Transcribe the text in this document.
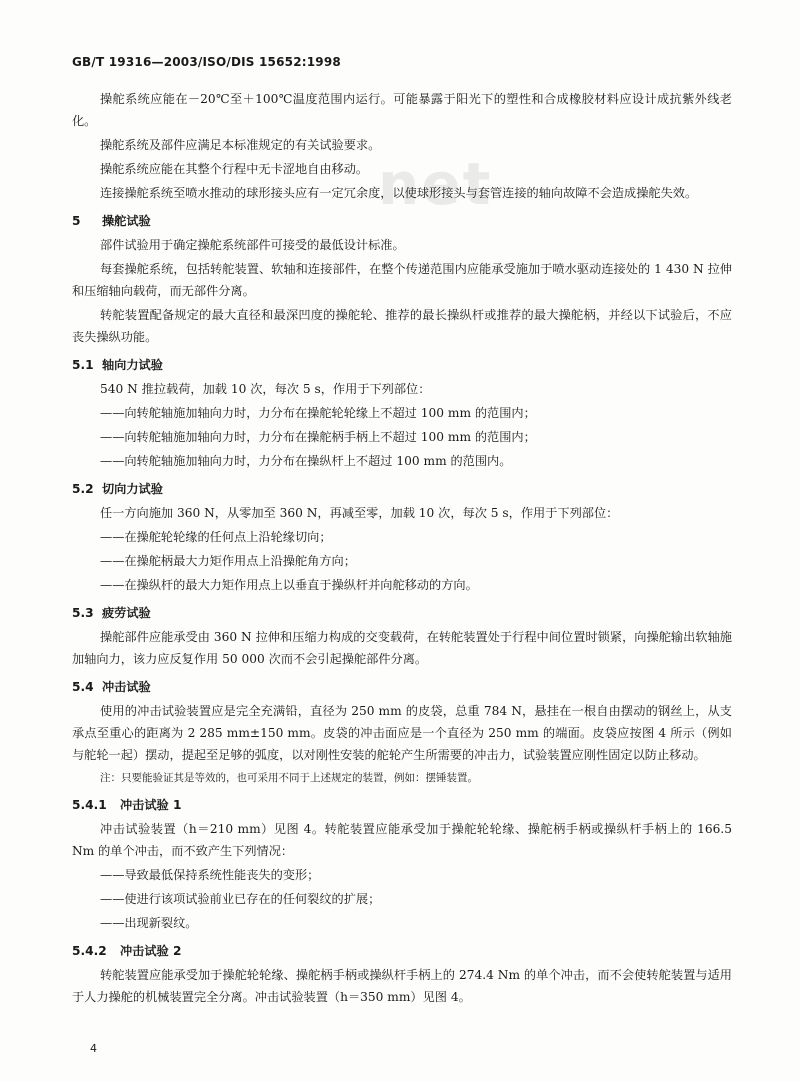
GB/T 19316—2003/ISO/DIS 15652:1998
net

操舵系统应能在－20℃至＋100℃温度范围内运行。可能暴露于阳光下的塑性和合成橡胶材料应设计成抗紫外线老化。

操舵系统及部件应满足本标准规定的有关试验要求。

操舵系统应能在其整个行程中无卡涩地自由移动。

连接操舵系统至喷水推动的球形接头应有一定冗余度，以使球形接头与套管连接的轴向故障不会造成操舵失效。

5 操舵试验

部件试验用于确定操舵系统部件可接受的最低设计标准。

每套操舵系统，包括转舵装置、软轴和连接部件，在整个传递范围内应能承受施加于喷水驱动连接处的 1 430 N 拉伸和压缩轴向载荷，而无部件分离。

转舵装置配备规定的最大直径和最深凹度的操舵轮、推荐的最长操纵杆或推荐的最大操舵柄，并经以下试验后，不应丧失操纵功能。

5.1 轴向力试验

540 N 推拉载荷，加载 10 次，每次 5 s，作用于下列部位：

——向转舵轴施加轴向力时，力分布在操舵轮轮缘上不超过 100 mm 的范围内；

——向转舵轴施加轴向力时，力分布在操舵柄手柄上不超过 100 mm 的范围内；

——向转舵轴施加轴向力时，力分布在操纵杆上不超过 100 mm 的范围内。

5.2 切向力试验

任一方向施加 360 N，从零加至 360 N，再减至零，加载 10 次，每次 5 s，作用于下列部位：

——在操舵轮轮缘的任何点上沿轮缘切向；

——在操舵柄最大力矩作用点上沿操舵角方向；

——在操纵杆的最大力矩作用点上以垂直于操纵杆并向舵移动的方向。

5.3 疲劳试验

操舵部件应能承受由 360 N 拉伸和压缩力构成的交变载荷，在转舵装置处于行程中间位置时锁紧，向操舵输出软轴施加轴向力，该力应反复作用 50 000 次而不会引起操舵部件分离。

5.4 冲击试验

使用的冲击试验装置应是完全充满铅，直径为 250 mm 的皮袋，总重 784 N，悬挂在一根自由摆动的钢丝上，从支承点至重心的距离为 2 285 mm±150 mm。皮袋的冲击面应是一个直径为 250 mm 的端面。皮袋应按图 4 所示（例如与舵轮一起）摆动，提起至足够的弧度，以对刚性安装的舵轮产生所需要的冲击力，试验装置应刚性固定以防止移动。

注：只要能验证其是等效的，也可采用不同于上述规定的装置，例如：摆锤装置。

5.4.1 冲击试验 1

冲击试验装置（h＝210 mm）见图 4。转舵装置应能承受加于操舵轮轮缘、操舵柄手柄或操纵杆手柄上的 166.5 Nm 的单个冲击，而不致产生下列情况：

——导致最低保持系统性能丧失的变形；

——使进行该项试验前业已存在的任何裂纹的扩展；

——出现新裂纹。

5.4.2 冲击试验 2

转舵装置应能承受加于操舵轮轮缘、操舵柄手柄或操纵杆手柄上的 274.4 Nm 的单个冲击，而不会使转舵装置与适用于人力操舵的机械装置完全分离。冲击试验装置（h＝350 mm）见图 4。

4
